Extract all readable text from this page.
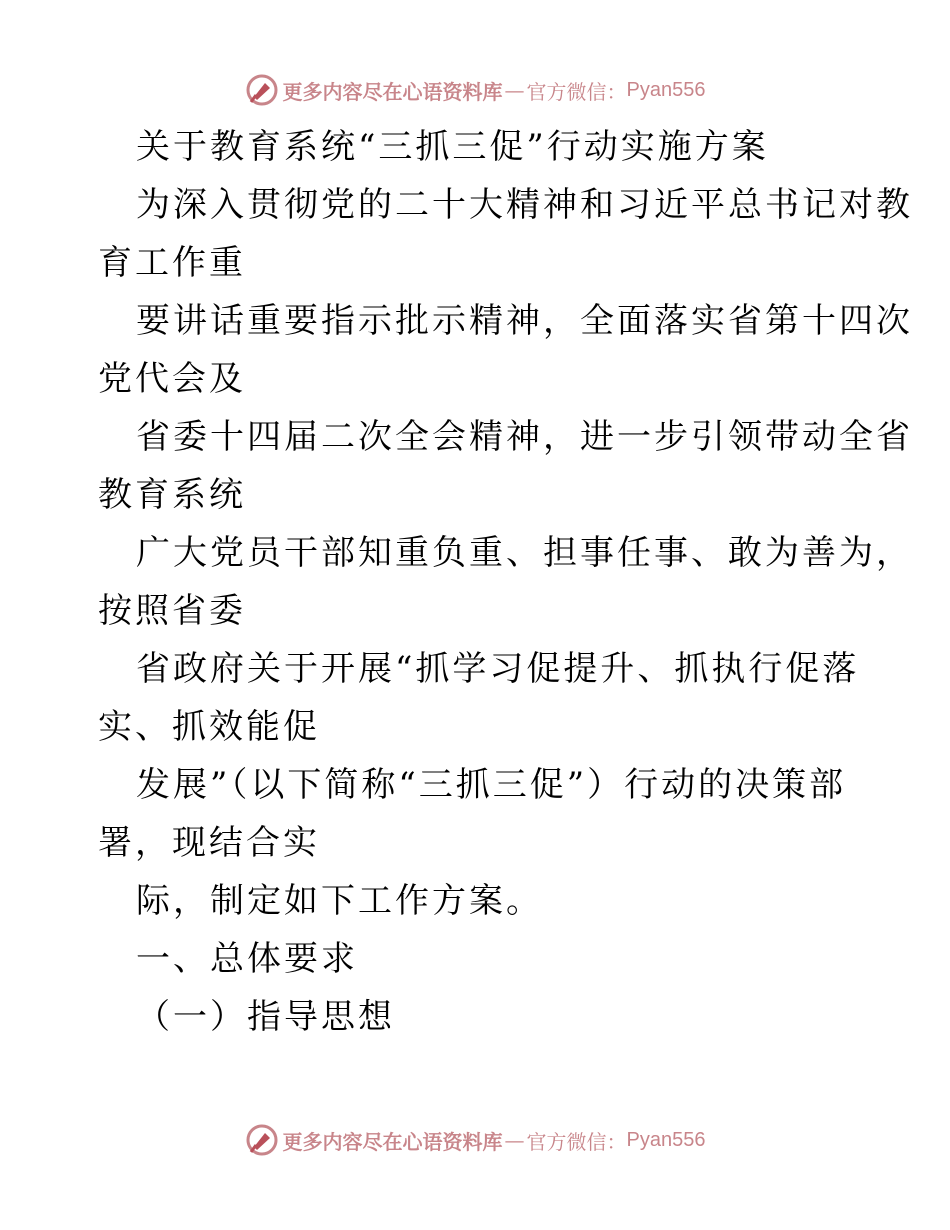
更多内容尽在心语资料库 — 官方微信： Pyan556
关于教育系统“三抓三促”行动实施方案
为深入贯彻党的二十大精神和习近平总书记对教
育工作重
要讲话重要指示批示精神，全面落实省第十四次
党代会及
省委十四届二次全会精神，进一步引领带动全省
教育系统
广大党员干部知重负重、担事任事、敢为善为，
按照省委
省政府关于开展“抓学习促提升、抓执行促落
实、抓效能促
发展”（以下简称“三抓三促”）行动的决策部
署，现结合实
际，制定如下工作方案。
一、总体要求
（一）指导思想
更多内容尽在心语资料库 — 官方微信： Pyan556
